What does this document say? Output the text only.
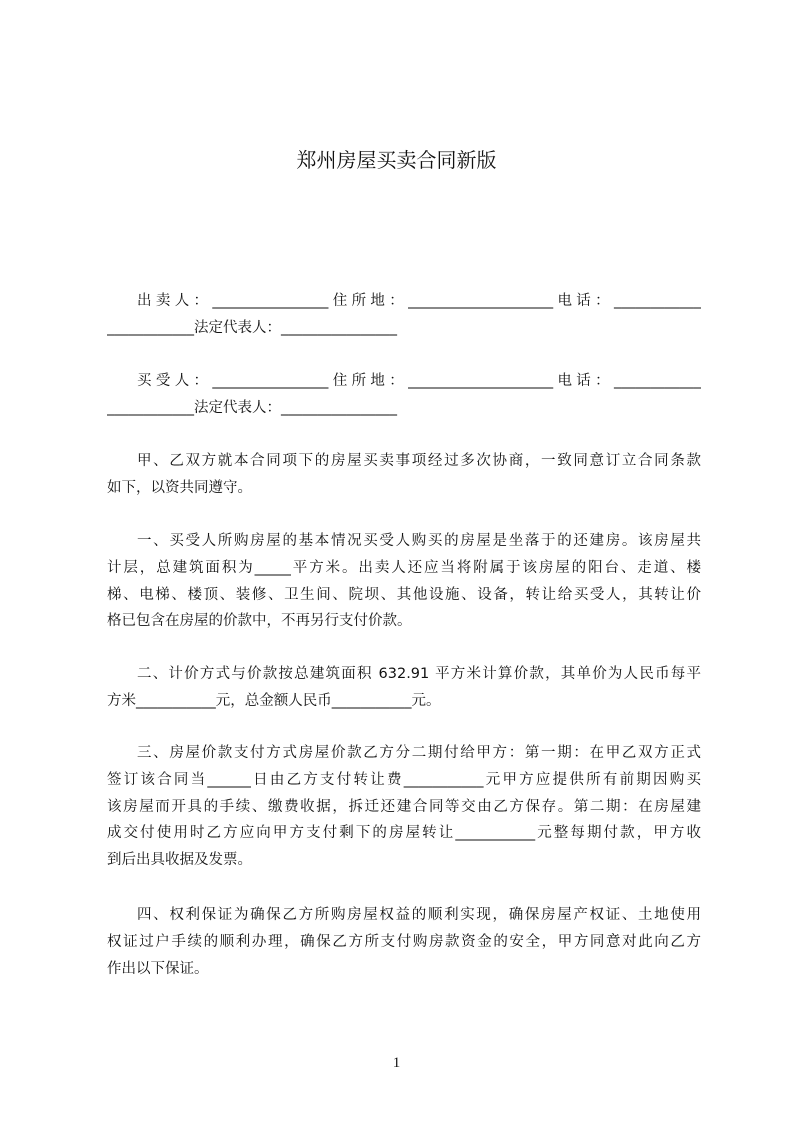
郑州房屋买卖合同新版
出卖人：________________住所地：____________________电话：____________
____________法定代表人：________________
买受人：________________住所地：____________________电话：____________
____________法定代表人：________________
甲、乙双方就本合同项下的房屋买卖事项经过多次协商，一致同意订立合同条款
如下，以资共同遵守。
一、买受人所购房屋的基本情况买受人购买的房屋是坐落于的还建房。该房屋共
计层，总建筑面积为_____平方米。出卖人还应当将附属于该房屋的阳台、走道、楼
梯、电梯、楼顶、装修、卫生间、院坝、其他设施、设备，转让给买受人，其转让价
格已包含在房屋的价款中，不再另行支付价款。
二、计价方式与价款按总建筑面积 632.91 平方米计算价款，其单价为人民币每平
方米___________元，总金额人民币___________元。
三、房屋价款支付方式房屋价款乙方分二期付给甲方：第一期：在甲乙双方正式
签订该合同当______日由乙方支付转让费___________元甲方应提供所有前期因购买
该房屋而开具的手续、缴费收据，拆迁还建合同等交由乙方保存。第二期：在房屋建
成交付使用时乙方应向甲方支付剩下的房屋转让___________元整每期付款，甲方收
到后出具收据及发票。
四、权利保证为确保乙方所购房屋权益的顺利实现，确保房屋产权证、土地使用
权证过户手续的顺利办理，确保乙方所支付购房款资金的安全，甲方同意对此向乙方
作出以下保证。
1
